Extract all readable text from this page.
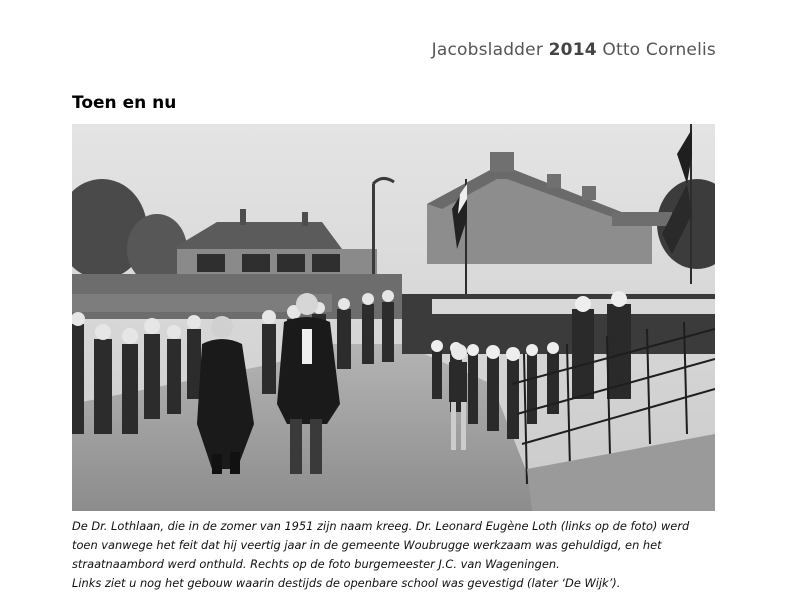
Jacobsladder 2014 Otto Cornelis
Toen en nu
De Dr. Lothlaan, die in de zomer van 1951 zijn naam kreeg. Dr. Leonard Eugène Loth (links op de foto) werd
toen vanwege het feit dat hij veertig jaar in de gemeente Woubrugge werkzaam was gehuldigd, en het
straatnaambord werd onthuld. Rechts op de foto burgemeester J.C. van Wageningen.
Links ziet u nog het gebouw waarin destijds de openbare school was gevestigd (later ‘De Wijk’).
